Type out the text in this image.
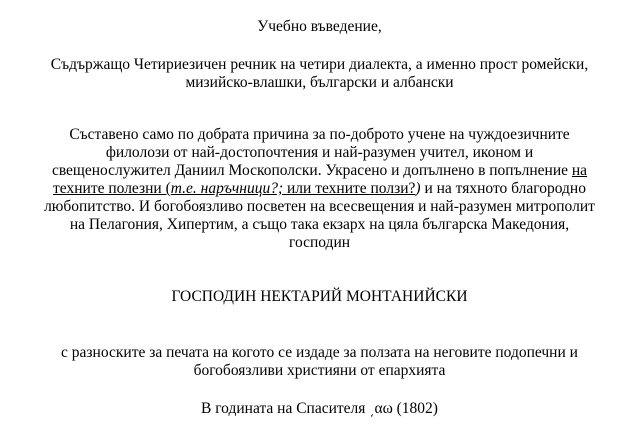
Учебно въведение,
Съдържащо Четириезичен речник на четири диалекта, а именно прост ромейски,
мизийско-влашки, български и албански
Съставено само по добрата причина за по-доброто учене на чуждоезичните
филолози от най-достопочтения и най-разумен учител, иконом и
свещенослужител Даниил Москополски. Украсено и допълнено в попълнение на
техните полезни (т.е. наръчници?; или техните ползи?) и на тяхното благородно
любопитство. И богобоязливо посветен на всесвещения и най-разумен митрополит
на Пелагония, Хипертим, а също така екзарх на цяла българска Македония,
господин
ГОСПОДИН НЕКТАРИЙ МОНТАНИЙСКИ
с разноските за печата на когото се издаде за ползата на неговите подопечни и
богобоязливи християни от епархията
В годината на Спасителя ͵αω (1802)
